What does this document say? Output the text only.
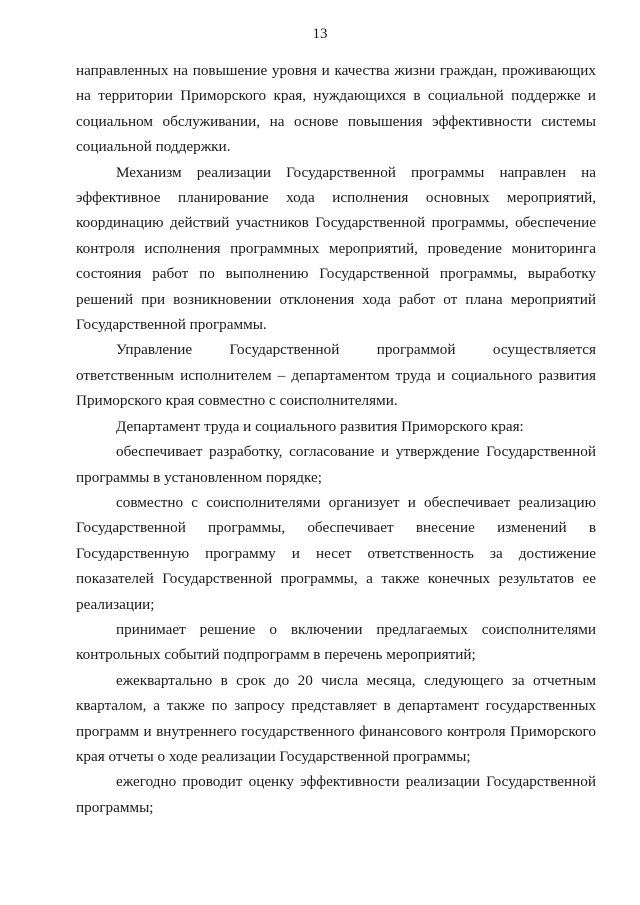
13

направленных на повышение уровня и качества жизни граждан, проживающих на территории Приморского края, нуждающихся в социальной поддержке и социальном обслуживании, на основе повышения эффективности системы социальной поддержки.

Механизм реализации Государственной программы направлен на эффективное планирование хода исполнения основных мероприятий, координацию действий участников Государственной программы, обеспечение контроля исполнения программных мероприятий, проведение мониторинга состояния работ по выполнению Государственной программы, выработку решений при возникновении отклонения хода работ от плана мероприятий Государственной программы.

Управление Государственной программой осуществляется ответственным исполнителем – департаментом труда и социального развития Приморского края совместно с соисполнителями.

Департамент труда и социального развития Приморского края:

обеспечивает разработку, согласование и утверждение Государственной программы в установленном порядке;

совместно с соисполнителями организует и обеспечивает реализацию Государственной программы, обеспечивает внесение изменений в Государственную программу и несет ответственность за достижение показателей Государственной программы, а также конечных результатов ее реализации;

принимает решение о включении предлагаемых соисполнителями контрольных событий подпрограмм в перечень мероприятий;

ежеквартально в срок до 20 числа месяца, следующего за отчетным кварталом, а также по запросу представляет в департамент государственных программ и внутреннего государственного финансового контроля Приморского края отчеты о ходе реализации Государственной программы;

ежегодно проводит оценку эффективности реализации Государственной программы;
